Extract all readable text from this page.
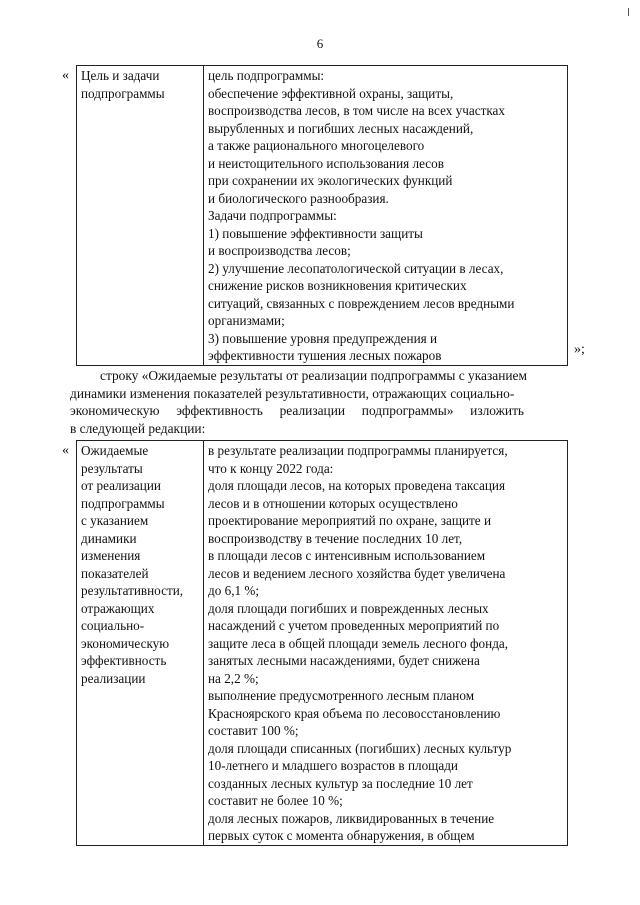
6
« Цель и задачи
подпрограммы

цель подпрограммы:
обеспечение эффективной охраны, защиты,
воспроизводства лесов, в том числе на всех участках
вырубленных и погибших лесных насаждений,
а также рационального многоцелевого
и неистощительного использования лесов
при сохранении их экологических функций
и биологического разнообразия.
Задачи подпрограммы:
1) повышение эффективности защиты
и воспроизводства лесов;
2) улучшение лесопатологической ситуации в лесах,
снижение рисков возникновения критических
ситуаций, связанных с повреждением лесов вредными
организмами;
3) повышение уровня предупреждения и
эффективности тушения лесных пожаров	»;
строку «Ожидаемые результаты от реализации подпрограммы с указанием
динамики изменения показателей результативности, отражающих социально-
экономическую     эффективность     реализации     подпрограммы»     изложить
в следующей редакции:
« Ожидаемые
результаты
от реализации
подпрограммы
с указанием
динамики
изменения
показателей
результативности,
отражающих
социально-
экономическую
эффективность
реализации

в результате реализации подпрограммы планируется,
что к концу 2022 года:
доля площади лесов, на которых проведена таксация
лесов и в отношении которых осуществлено
проектирование мероприятий по охране, защите и
воспроизводству в течение последних 10 лет,
в площади лесов с интенсивным использованием
лесов и ведением лесного хозяйства будет увеличена
до 6,1 %;
доля площади погибших и поврежденных лесных
насаждений с учетом проведенных мероприятий по
защите леса в общей площади земель лесного фонда,
занятых лесными насаждениями, будет снижена
на 2,2 %;
выполнение предусмотренного лесным планом
Красноярского края объема по лесовосстановлению
составит 100 %;
доля площади списанных (погибших) лесных культур
10-летнего и младшего возрастов в площади
созданных лесных культур за последние 10 лет
составит не более 10 %;
доля лесных пожаров, ликвидированных в течение
первых суток с момента обнаружения, в общем
